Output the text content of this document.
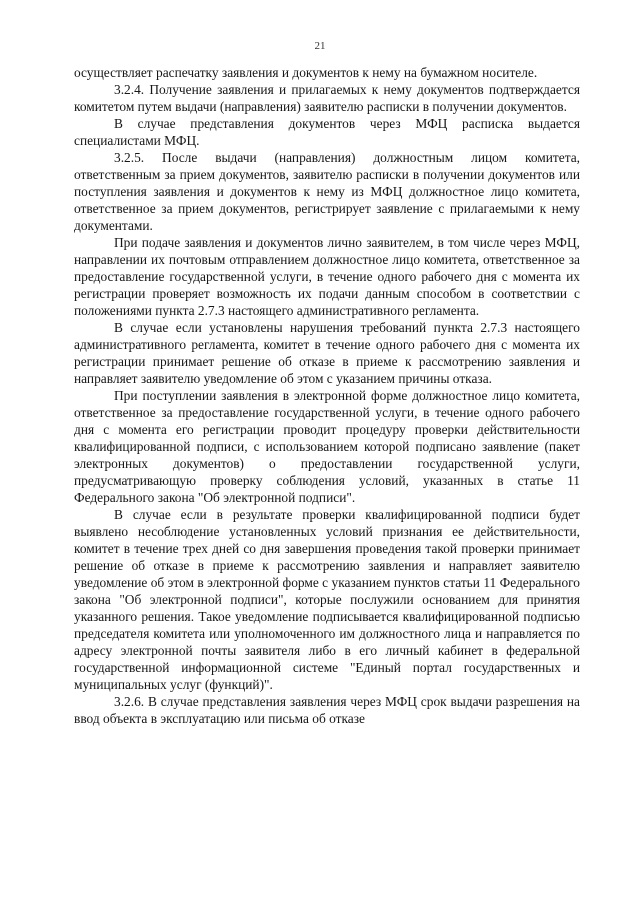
21

осуществляет распечатку заявления и документов к нему на бумажном носителе.

3.2.4. Получение заявления и прилагаемых к нему документов подтверждается комитетом путем выдачи (направления) заявителю расписки в получении документов.

В случае представления документов через МФЦ расписка выдается специалистами МФЦ.

3.2.5. После выдачи (направления) должностным лицом комитета, ответственным за прием документов, заявителю расписки в получении документов или поступления заявления и документов к нему из МФЦ должностное лицо комитета, ответственное за прием документов, регистрирует заявление с прилагаемыми к нему документами.

При подаче заявления и документов лично заявителем, в том числе через МФЦ, направлении их почтовым отправлением должностное лицо комитета, ответственное за предоставление государственной услуги, в течение одного рабочего дня с момента их регистрации проверяет возможность их подачи данным способом в соответствии с положениями пункта 2.7.3 настоящего административного регламента.

В случае если установлены нарушения требований пункта 2.7.3 настоящего административного регламента, комитет в течение одного рабочего дня с момента их регистрации принимает решение об отказе в приеме к рассмотрению заявления и направляет заявителю уведомление об этом с указанием причины отказа.

При поступлении заявления в электронной форме должностное лицо комитета, ответственное за предоставление государственной услуги, в течение одного рабочего дня с момента его регистрации проводит процедуру проверки действительности квалифицированной подписи, с использованием которой подписано заявление (пакет электронных документов) о предоставлении государственной услуги, предусматривающую проверку соблюдения условий, указанных в статье 11 Федерального закона "Об электронной подписи".

В случае если в результате проверки квалифицированной подписи будет выявлено несоблюдение установленных условий признания ее действительности, комитет в течение трех дней со дня завершения проведения такой проверки принимает решение об отказе в приеме к рассмотрению заявления и направляет заявителю уведомление об этом в электронной форме с указанием пунктов статьи 11 Федерального закона "Об электронной подписи", которые послужили основанием для принятия указанного решения. Такое уведомление подписывается квалифицированной подписью председателя комитета или уполномоченного им должностного лица и направляется по адресу электронной почты заявителя либо в его личный кабинет в федеральной государственной информационной системе "Единый портал государственных и муниципальных услуг (функций)".

3.2.6. В случае представления заявления через МФЦ срок выдачи разрешения на ввод объекта в эксплуатацию или письма об отказе
